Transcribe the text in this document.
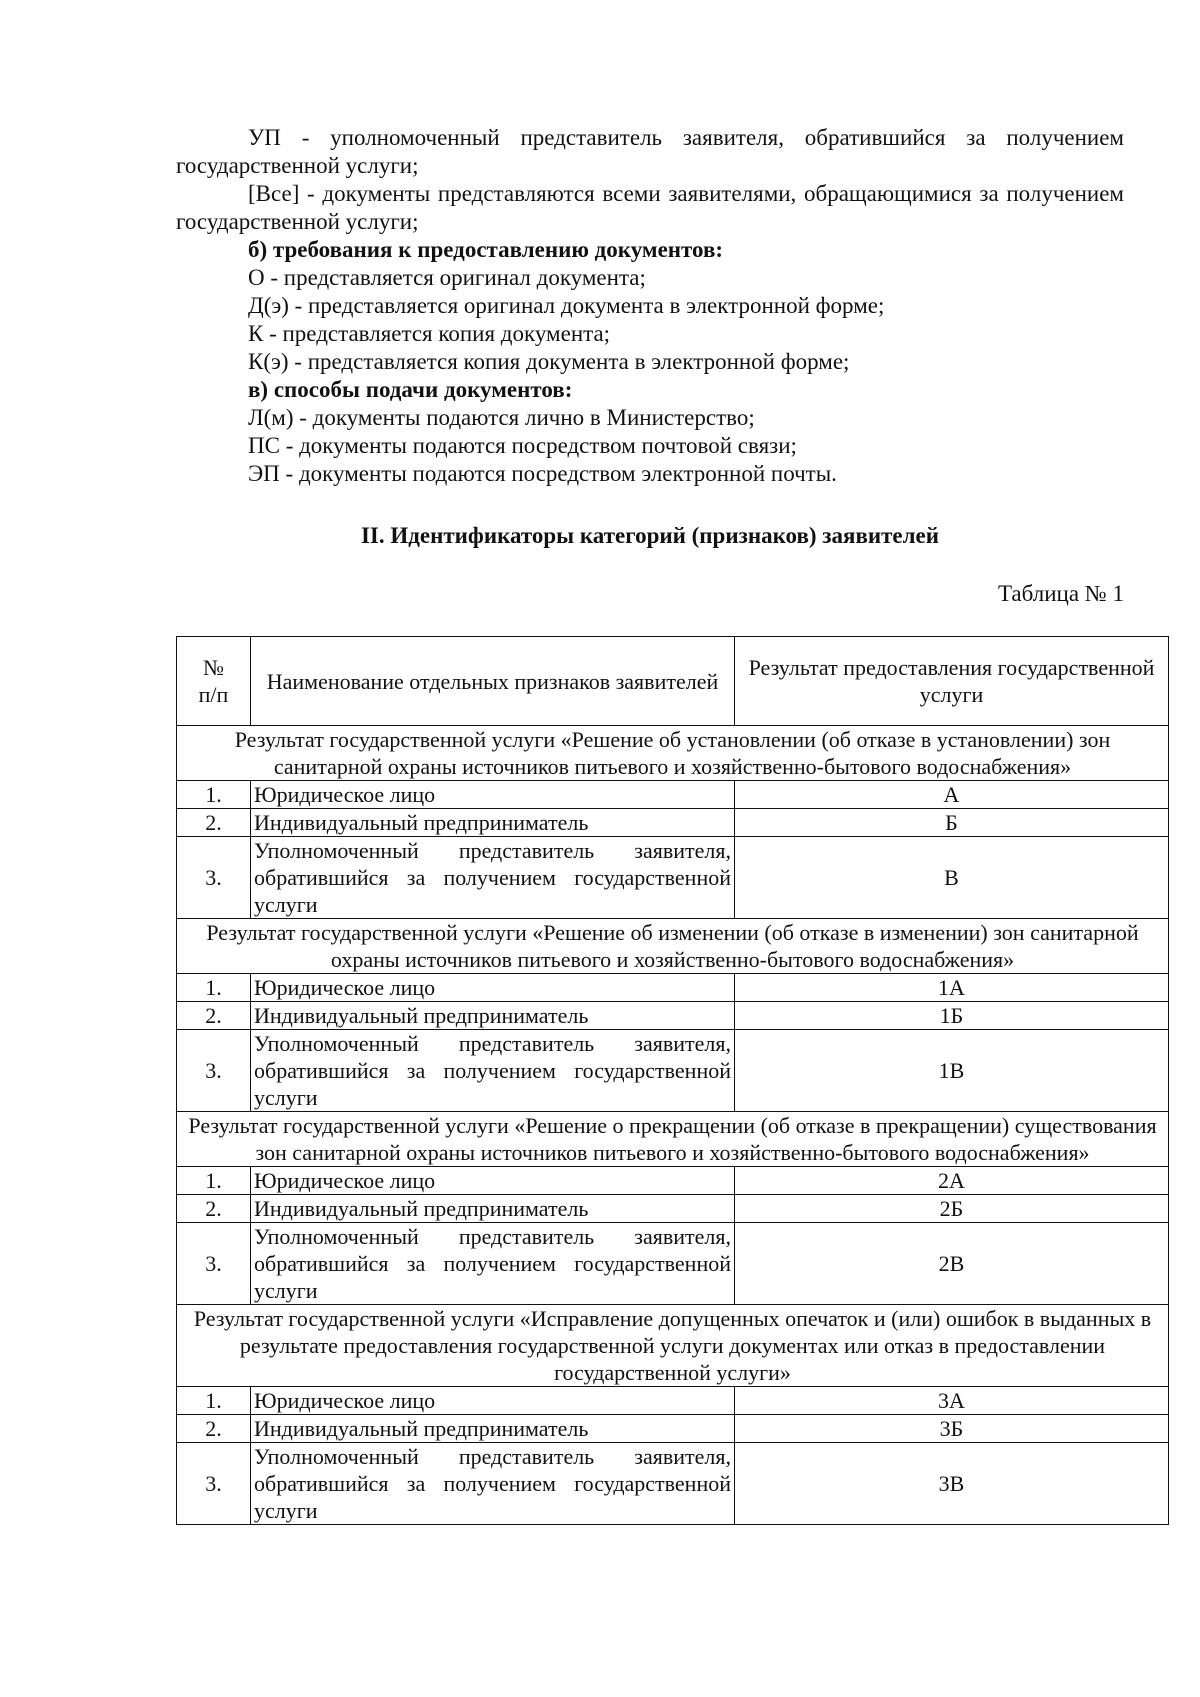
УП - уполномоченный представитель заявителя, обратившийся за получением государственной услуги;

[Все] - документы представляются всеми заявителями, обращающимися за получением государственной услуги;

б) требования к предоставлению документов:

О - представляется оригинал документа;

Д(э) - представляется оригинал документа в электронной форме;

К - представляется копия документа;

К(э) - представляется копия документа в электронной форме;

в) способы подачи документов:

Л(м) - документы подаются лично в Министерство;

ПС - документы подаются посредством почтовой связи;

ЭП - документы подаются посредством электронной почты.

II. Идентификаторы категорий (признаков) заявителей
Таблица № 1
№
п/п	Наименование отдельных признаков заявителей	Результат предоставления государственной услуги
Результат государственной услуги «Решение об установлении (об отказе в установлении) зон санитарной охраны источников питьевого и хозяйственно-бытового водоснабжения»		
1.	Юридическое лицо	А
2.	Индивидуальный предприниматель	Б
3.	Уполномоченный представитель заявителя, обратившийся за получением государственной услуги	В
Результат государственной услуги «Решение об изменении (об отказе в изменении) зон санитарной охраны источников питьевого и хозяйственно-бытового водоснабжения»		
1.	Юридическое лицо	1А
2.	Индивидуальный предприниматель	1Б
3.	Уполномоченный представитель заявителя, обратившийся за получением государственной услуги	1В
Результат государственной услуги «Решение о прекращении (об отказе в прекращении) существования зон санитарной охраны источников питьевого и хозяйственно-бытового водоснабжения»		
1.	Юридическое лицо	2А
2.	Индивидуальный предприниматель	2Б
3.	Уполномоченный представитель заявителя, обратившийся за получением государственной услуги	2В
Результат государственной услуги «Исправление допущенных опечаток и (или) ошибок в выданных в результате предоставления государственной услуги документах или отказ в предоставлении государственной услуги»		
1.	Юридическое лицо	3А
2.	Индивидуальный предприниматель	3Б
3.	Уполномоченный представитель заявителя, обратившийся за получением государственной услуги	3В
